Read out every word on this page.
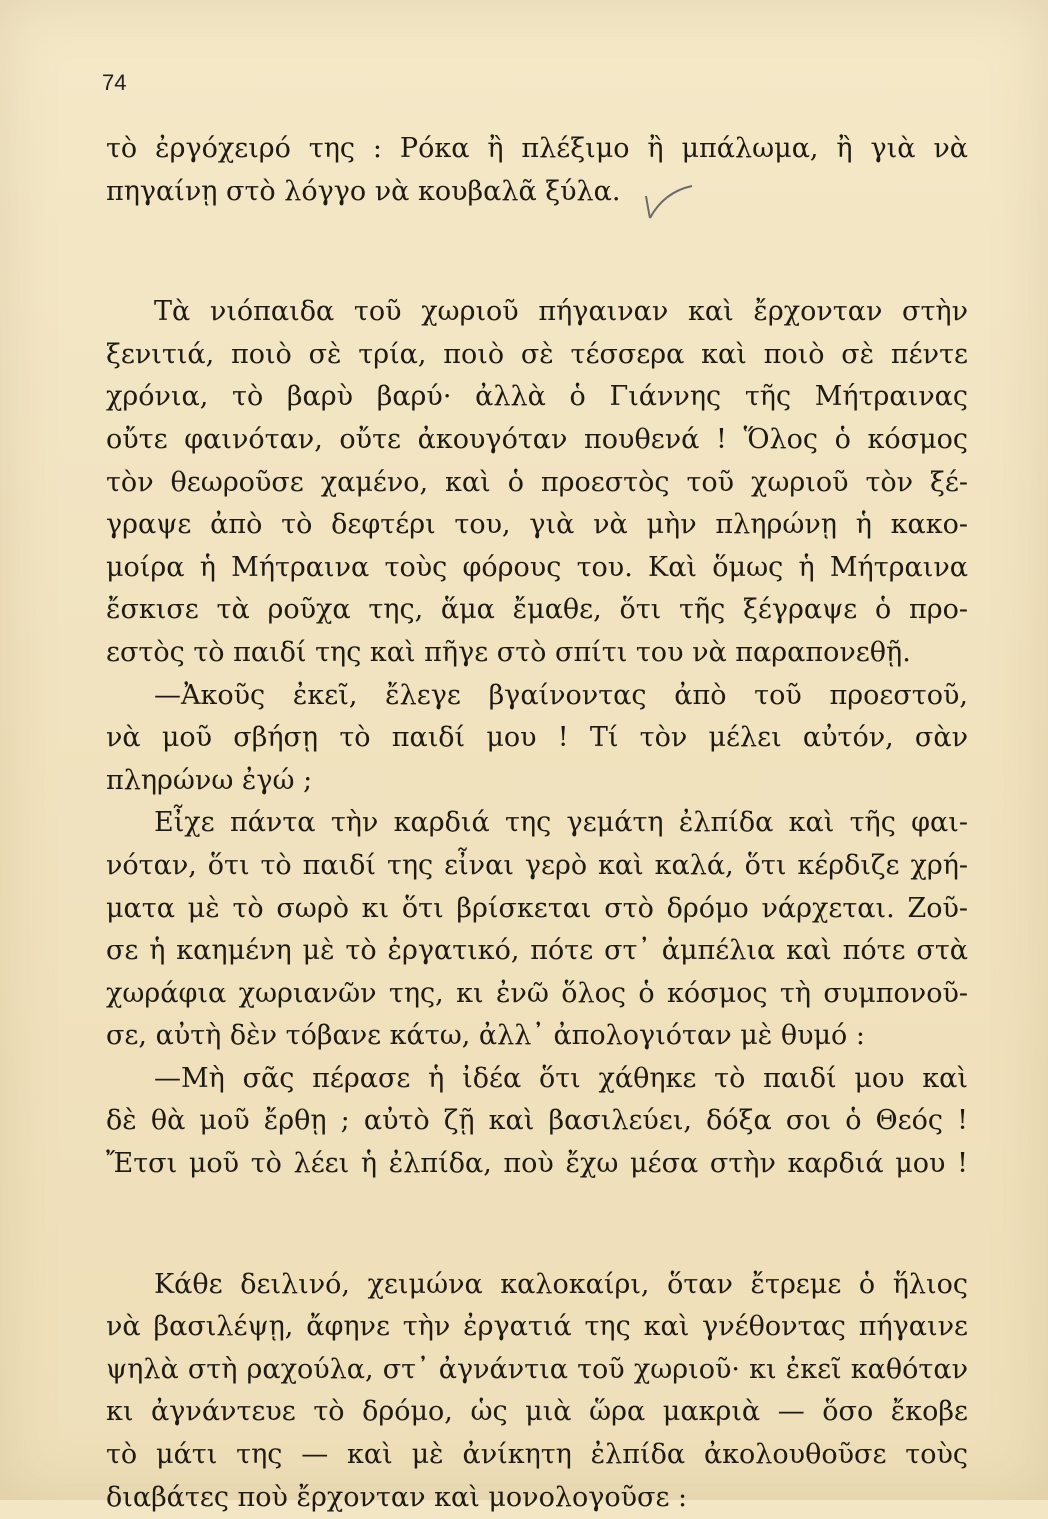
74
τὸ ἐργόχειρό της : Ρόκα ἢ πλέξιμο ἢ μπάλωμα, ἢ γιὰ νὰ
πηγαίνῃ στὸ λόγγο νὰ κουβαλᾶ ξύλα.
Τὰ νιόπαιδα τοῦ χωριοῦ πήγαιναν καὶ ἔρχονταν στὴν
ξενιτιά, ποιὸ σὲ τρία, ποιὸ σὲ τέσσερα καὶ ποιὸ σὲ πέντε
χρόνια, τὸ βαρὺ βαρύ· ἀλλὰ ὁ Γιάννης τῆς Μήτραινας
οὔτε φαινόταν, οὔτε ἀκουγόταν πουθενά ! Ὅλος ὁ κόσμος
τὸν θεωροῦσε χαμένο, καὶ ὁ προεστὸς τοῦ χωριοῦ τὸν ξέ-
γραψε ἀπὸ τὸ δεφτέρι του, γιὰ νὰ μὴν πληρώνῃ ἡ κακο-
μοίρα ἡ Μήτραινα τοὺς φόρους του. Καὶ ὅμως ἡ Μήτραινα
ἔσκισε τὰ ροῦχα της, ἅμα ἔμαθε, ὅτι τῆς ξέγραψε ὁ προ-
εστὸς τὸ παιδί της καὶ πῆγε στὸ σπίτι του νὰ παραπονεθῇ.
—Ἀκοῦς ἐκεῖ, ἔλεγε βγαίνοντας ἀπὸ τοῦ προεστοῦ,
νὰ μοῦ σβήσῃ τὸ παιδί μου ! Τί τὸν μέλει αὐτόν, σὰν
πληρώνω ἐγώ ;
Εἶχε πάντα τὴν καρδιά της γεμάτη ἐλπίδα καὶ τῆς φαι-
νόταν, ὅτι τὸ παιδί της εἶναι γερὸ καὶ καλά, ὅτι κέρδιζε χρή-
ματα μὲ τὸ σωρὸ κι ὅτι βρίσκεται στὸ δρόμο νάρχεται. Ζοῦ-
σε ἡ καημένη μὲ τὸ ἐργατικό, πότε στ᾽ ἀμπέλια καὶ πότε στὰ
χωράφια χωριανῶν της, κι ἐνῶ ὅλος ὁ κόσμος τὴ συμπονοῦ-
σε, αὐτὴ δὲν τόβανε κάτω, ἀλλ᾽ ἀπολογιόταν μὲ θυμό :
—Μὴ σᾶς πέρασε ἡ ἰδέα ὅτι χάθηκε τὸ παιδί μου καὶ
δὲ θὰ μοῦ ἔρθῃ ; αὐτὸ ζῇ καὶ βασιλεύει, δόξα σοι ὁ Θεός !
Ἔτσι μοῦ τὸ λέει ἡ ἐλπίδα, ποὺ ἔχω μέσα στὴν καρδιά μου !
Κάθε δειλινό, χειμώνα καλοκαίρι, ὅταν ἔτρεμε ὁ ἥλιος
νὰ βασιλέψῃ, ἄφηνε τὴν ἐργατιά της καὶ γνέθοντας πήγαινε
ψηλὰ στὴ ραχούλα, στ᾽ ἀγνάντια τοῦ χωριοῦ· κι ἐκεῖ καθόταν
κι ἀγνάντευε τὸ δρόμο, ὡς μιὰ ὥρα μακριὰ — ὅσο ἔκοβε
τὸ μάτι της — καὶ μὲ ἀνίκητη ἐλπίδα ἀκολουθοῦσε τοὺς
διαβάτες ποὺ ἔρχονταν καὶ μονολογοῦσε :
